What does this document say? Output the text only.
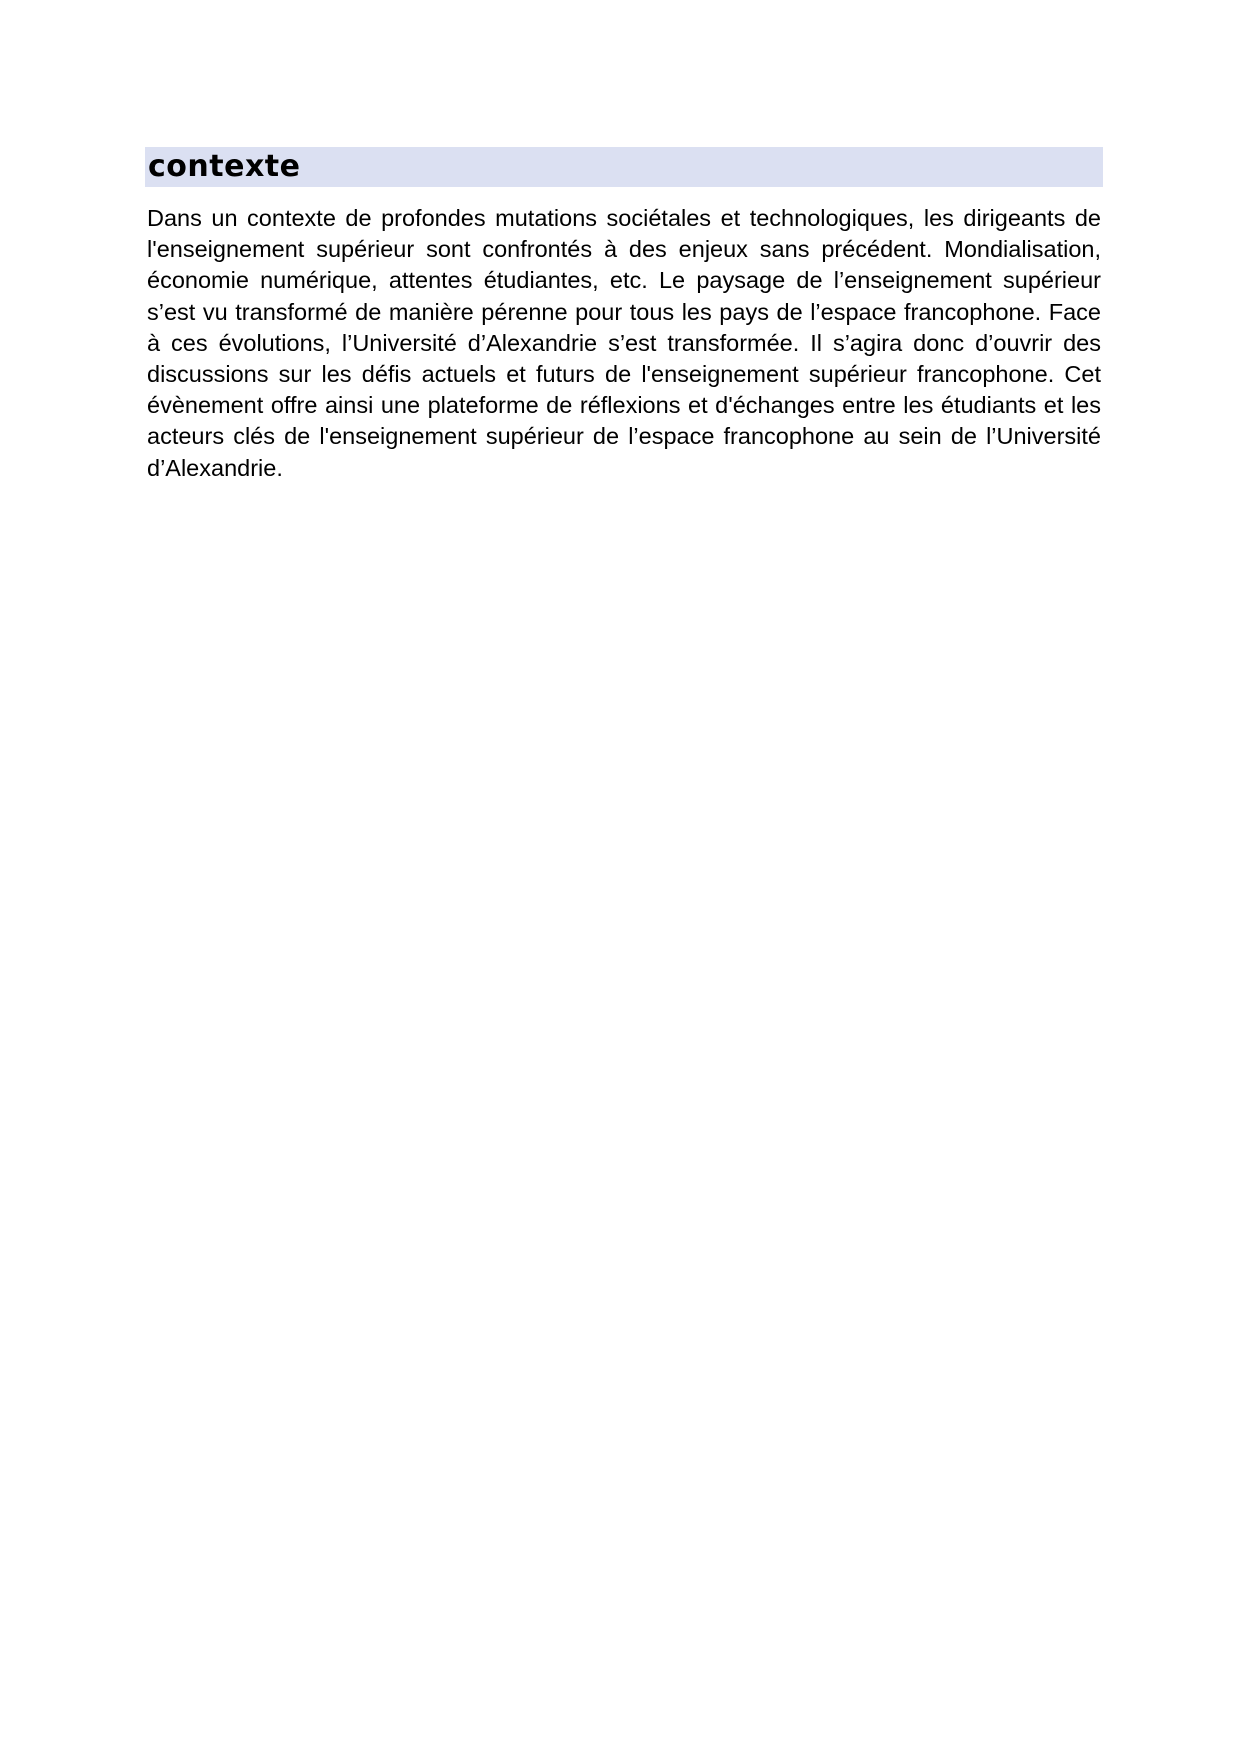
contexte

Dans un contexte de profondes mutations sociétales et technologiques, les dirigeants de l'enseignement supérieur sont confrontés à des enjeux sans précédent. Mondialisation, économie numérique, attentes étudiantes, etc. Le paysage de l’enseignement supérieur s’est vu transformé de manière pérenne pour tous les pays de l’espace francophone. Face à ces évolutions, l’Université d’Alexandrie s’est transformée. Il s’agira donc d’ouvrir des discussions sur les défis actuels et futurs de l'enseignement supérieur francophone. Cet évènement offre ainsi une plateforme de réflexions et d'échanges entre les étudiants et les acteurs clés de l'enseignement supérieur de l’espace francophone au sein de l’Université d’Alexandrie.
